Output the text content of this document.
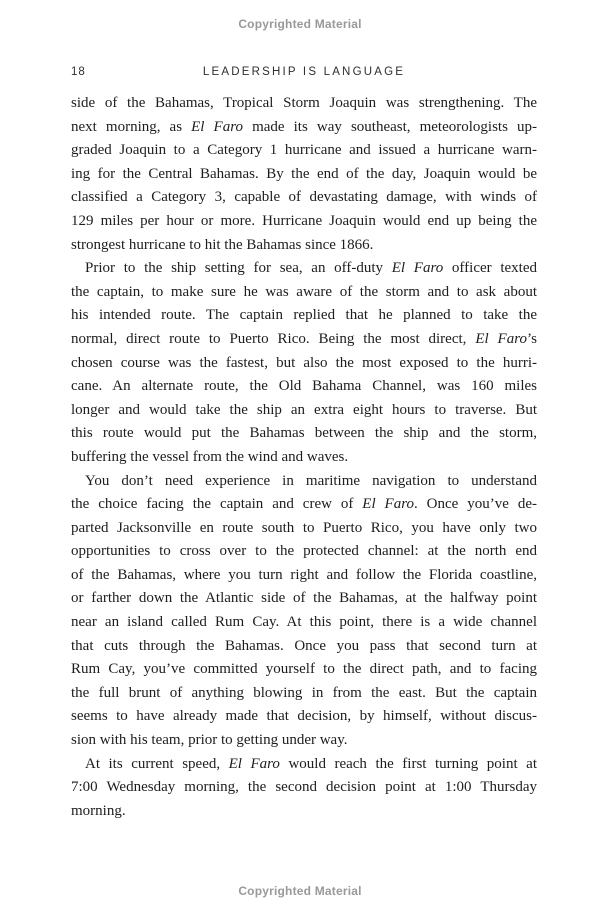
Copyrighted Material
18	LEADERSHIP IS LANGUAGE
side of the Bahamas, Tropical Storm Joaquin was strengthening. The
next morning, as El Faro made its way southeast, meteorologists up-
graded Joaquin to a Category 1 hurricane and issued a hurricane warn-
ing for the Central Bahamas. By the end of the day, Joaquin would be
classified a Category 3, capable of devastating damage, with winds of
129 miles per hour or more. Hurricane Joaquin would end up being the
strongest hurricane to hit the Bahamas since 1866.
Prior to the ship setting for sea, an off-duty El Faro officer texted
the captain, to make sure he was aware of the storm and to ask about
his intended route. The captain replied that he planned to take the
normal, direct route to Puerto Rico. Being the most direct, El Faro’s
chosen course was the fastest, but also the most exposed to the hurri-
cane. An alternate route, the Old Bahama Channel, was 160 miles
longer and would take the ship an extra eight hours to traverse. But
this route would put the Bahamas between the ship and the storm,
buffering the vessel from the wind and waves.
You don’t need experience in maritime navigation to understand
the choice facing the captain and crew of El Faro. Once you’ve de-
parted Jacksonville en route south to Puerto Rico, you have only two
opportunities to cross over to the protected channel: at the north end
of the Bahamas, where you turn right and follow the Florida coastline,
or farther down the Atlantic side of the Bahamas, at the halfway point
near an island called Rum Cay. At this point, there is a wide channel
that cuts through the Bahamas. Once you pass that second turn at
Rum Cay, you’ve committed yourself to the direct path, and to facing
the full brunt of anything blowing in from the east. But the captain
seems to have already made that decision, by himself, without discus-
sion with his team, prior to getting under way.
At its current speed, El Faro would reach the first turning point at
7:00 Wednesday morning, the second decision point at 1:00 Thursday
morning.
Copyrighted Material
